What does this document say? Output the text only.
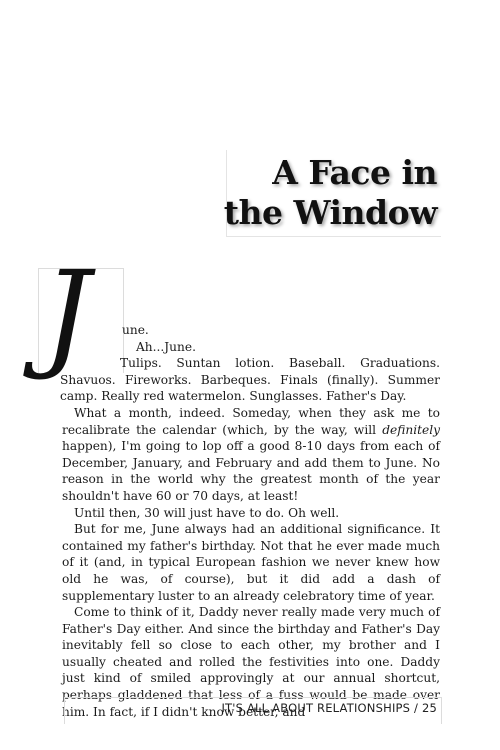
A Face in
the Window
J	une.

Ah...June.

Tulips. Suntan lotion. Baseball. Graduations. Shavuos. Fireworks. Barbeques. Finals (finally). Summer camp. Really red watermelon. Sunglasses. Father's Day.

What a month, indeed. Someday, when they ask me to recalibrate the calendar (which, by the way, will definitely happen), I'm going to lop off a good 8-10 days from each of December, January, and February and add them to June. No reason in the world why the greatest month of the year shouldn't have 60 or 70 days, at least!

Until then, 30 will just have to do. Oh well.

But for me, June always had an additional significance. It contained my father's birthday. Not that he ever made much of it (and, in typical European fashion we never knew how old he was, of course), but it did add a dash of supplementary luster to an already celebratory time of year.

Come to think of it, Daddy never really made very much of Father's Day either. And since the birthday and Father's Day inevitably fell so close to each other, my brother and I usually cheated and rolled the festivities into one. Daddy just kind of smiled approvingly at our annual shortcut, perhaps gladdened that less of a fuss would be made over him. In fact, if I didn't know better, and

IT'S ALL ABOUT RELATIONSHIPS / 25
